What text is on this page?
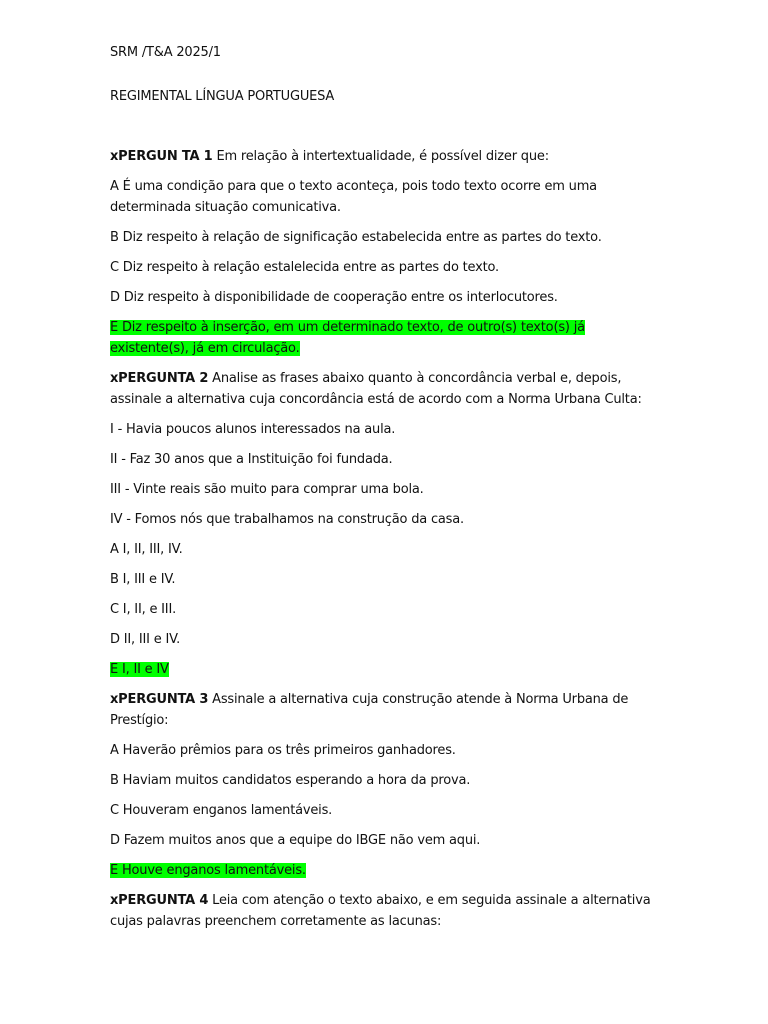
SRM /T&A 2025/1

REGIMENTAL LÍNGUA PORTUGUESA

xPERGUN TA 1 Em relação à intertextualidade, é possível dizer que:

A É uma condição para que o texto aconteça, pois todo texto ocorre em uma determinada situação comunicativa.

B Diz respeito à relação de significação estabelecida entre as partes do texto.

C Diz respeito à relação estalelecida entre as partes do texto.

D Diz respeito à disponibilidade de cooperação entre os interlocutores.

E Diz respeito à inserção, em um determinado texto, de outro(s) texto(s) já existente(s), já em circulação.

xPERGUNTA 2 Analise as frases abaixo quanto à concordância verbal e, depois, assinale a alternativa cuja concordância está de acordo com a Norma Urbana Culta:

I - Havia poucos alunos interessados na aula.

II - Faz 30 anos que a Instituição foi fundada.

III - Vinte reais são muito para comprar uma bola.

IV - Fomos nós que trabalhamos na construção da casa.

A I, II, III, IV.

B I, III e IV.

C I, II, e III.

D II, III e IV.

E I, II e IV

xPERGUNTA 3 Assinale a alternativa cuja construção atende à Norma Urbana de Prestígio:

A Haverão prêmios para os três primeiros ganhadores.

B Haviam muitos candidatos esperando a hora da prova.

C Houveram enganos lamentáveis.

D Fazem muitos anos que a equipe do IBGE não vem aqui.

E Houve enganos lamentáveis.

xPERGUNTA 4 Leia com atenção o texto abaixo, e em seguida assinale a alternativa cujas palavras preenchem corretamente as lacunas:
